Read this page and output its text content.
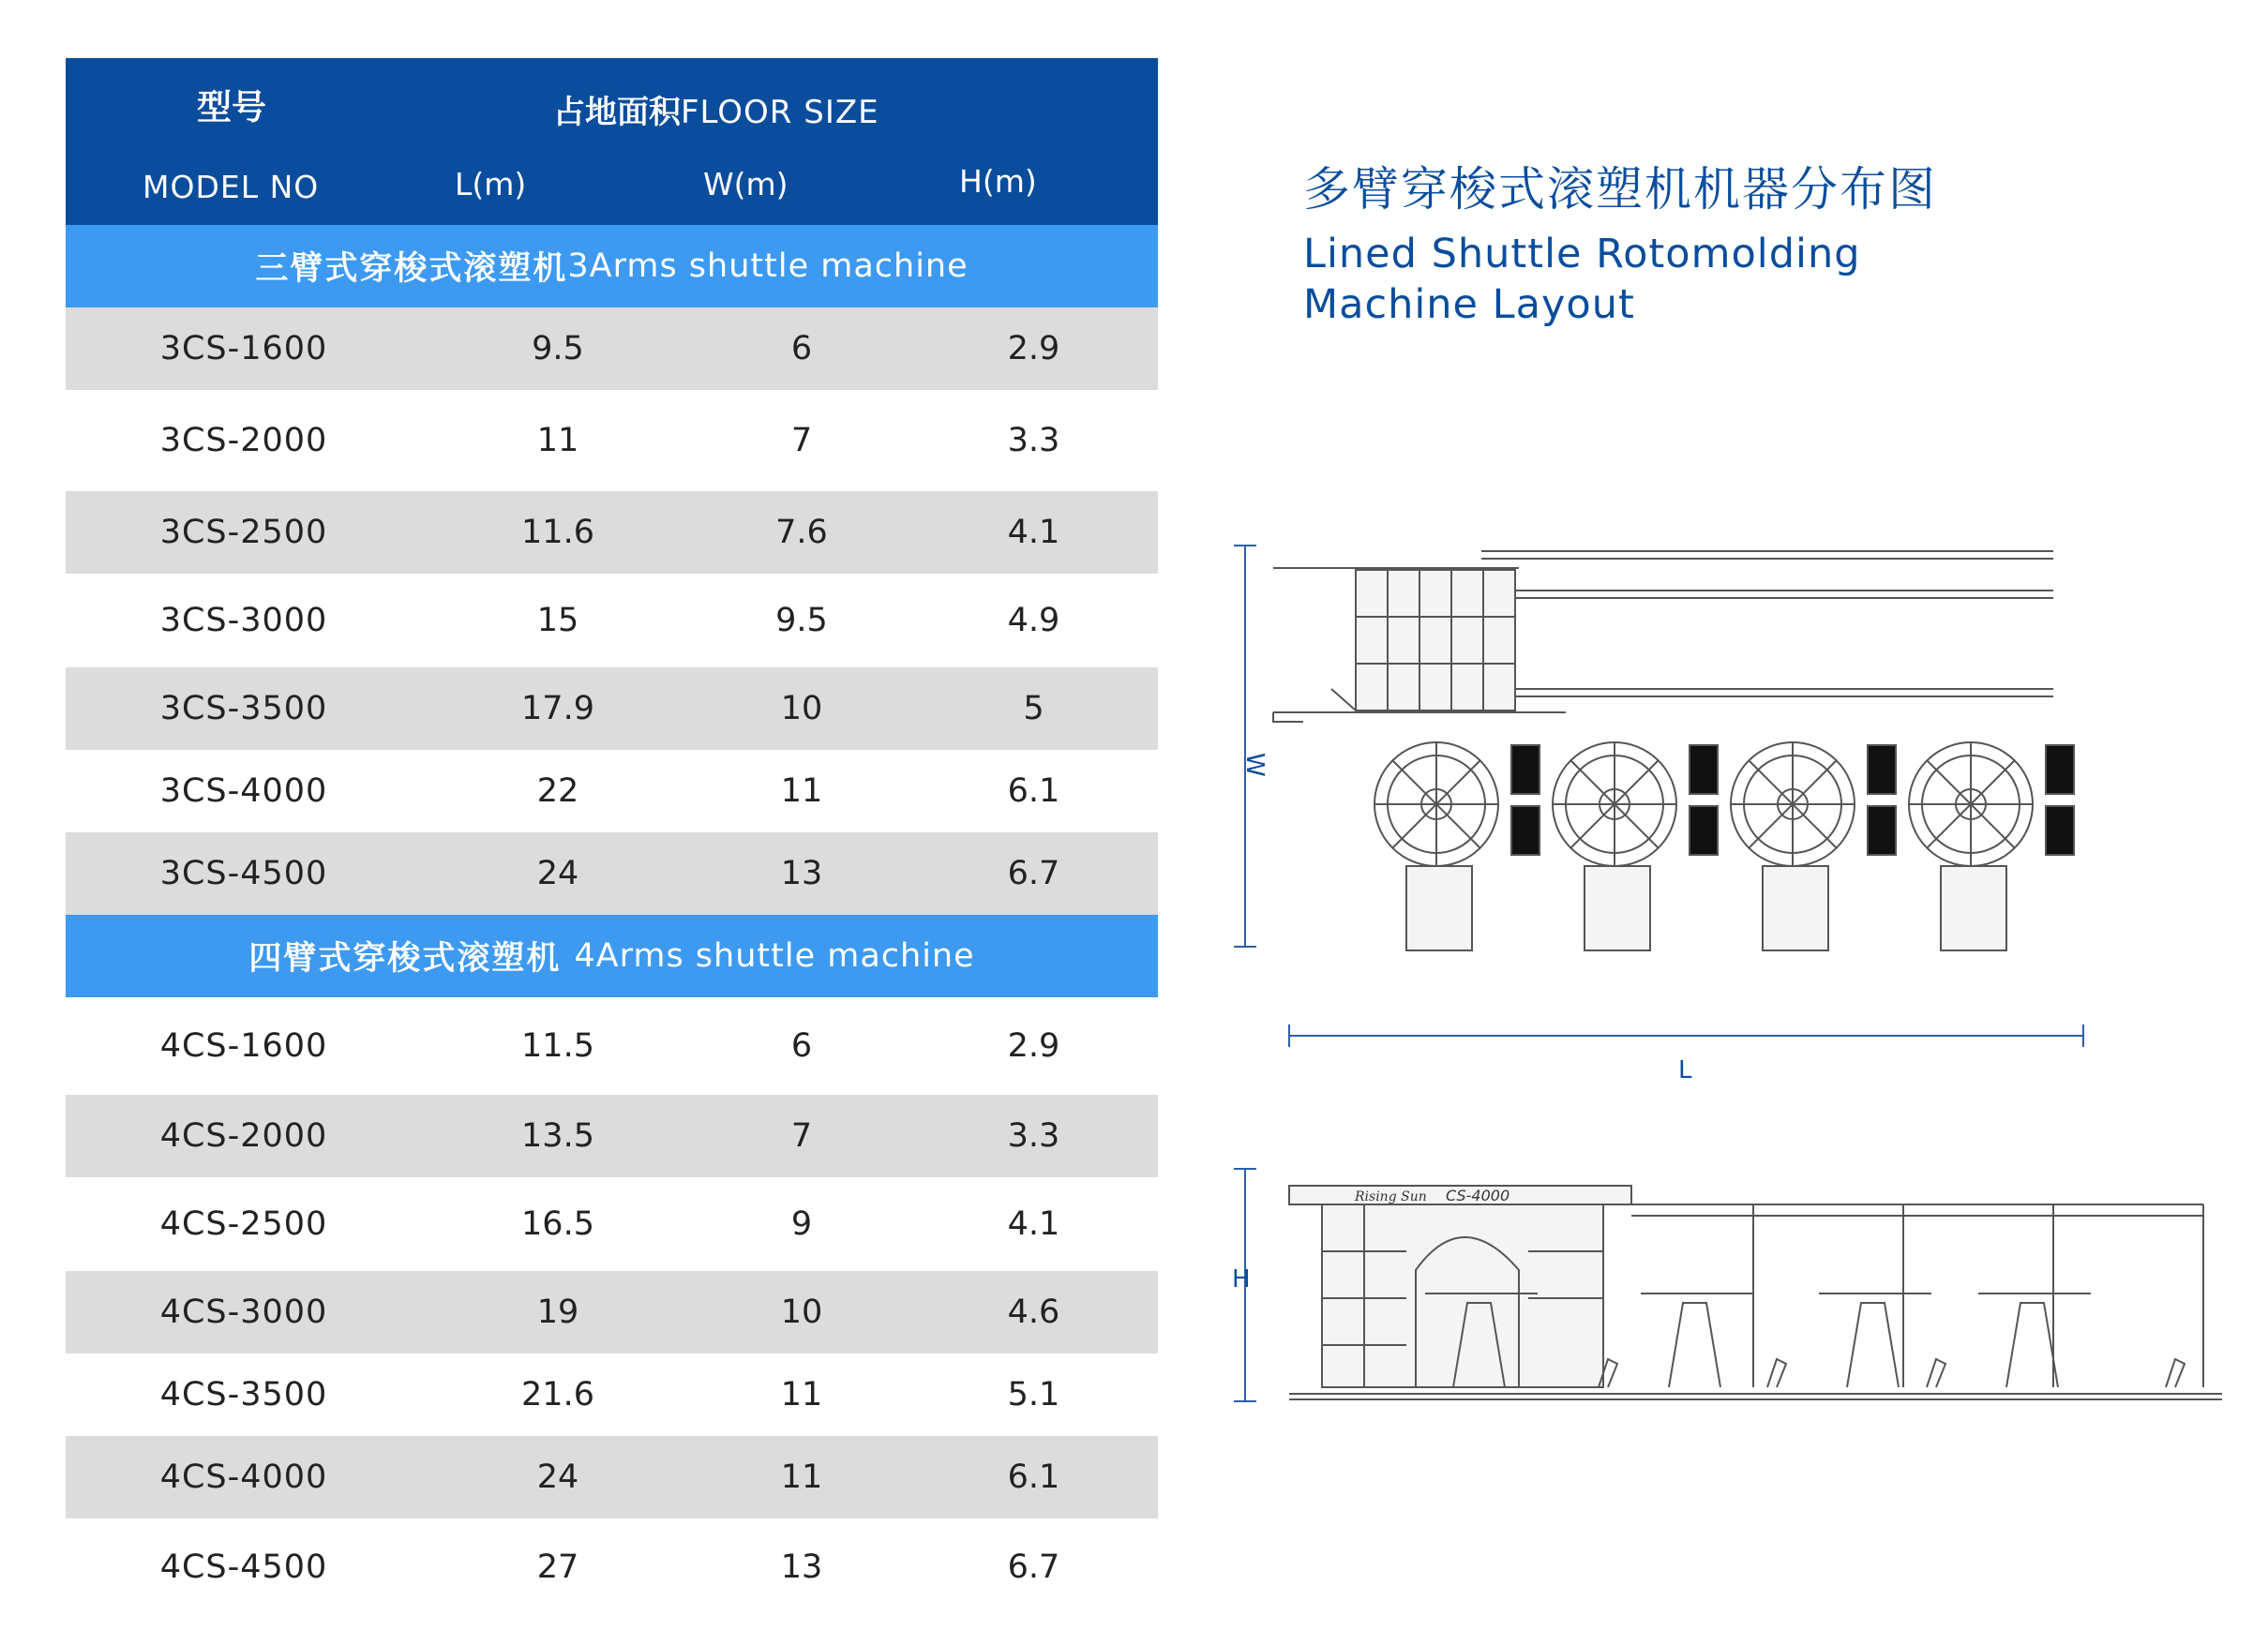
型号	占地面积FLOOR SIZE
MODEL NO	L(m)	W(m)	H(m)
三臂式穿梭式滚塑机 3Arms shuttle machine
3CS-1600	9.5	6	2.9
3CS-2000	11	7	3.3
3CS-2500	11.6	7.6	4.1
3CS-3000	15	9.5	4.9
3CS-3500	17.9	10	5
3CS-4000	22	11	6.1
3CS-4500	24	13	6.7
四臂式穿梭式滚塑机 4Arms shuttle machine
4CS-1600	11.5	6	2.9
4CS-2000	13.5	7	3.3
4CS-2500	16.5	9	4.1
4CS-3000	19	10	4.6
4CS-3500	21.6	11	5.1
4CS-4000	24	11	6.1
4CS-4500	27	13	6.7
多臂穿梭式滚塑机机器分布图
Lined Shuttle Rotomolding
Machine Layout
W
L
H
Rising Sun CS-4000
